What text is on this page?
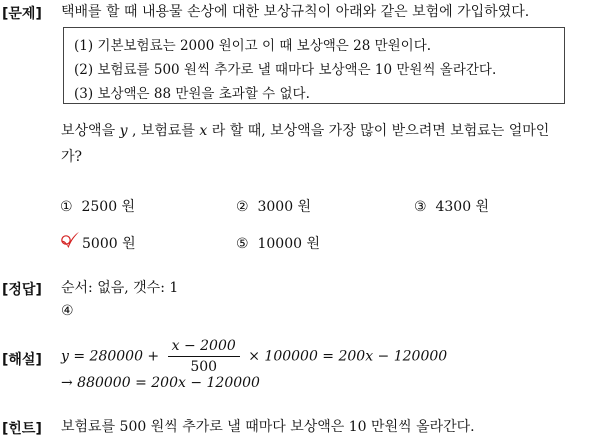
[문제] 택배를 할 때 내용물 손상에 대한 보상규칙이 아래와 같은 보험에 가입하였다.
(1) 기본보험료는 2000 원이고 이 때 보상액은 28 만원이다.
(2) 보험료를 500 원씩 추가로 낼 때마다 보상액은 10 만원씩 올라간다.
(3) 보상액은 88 만원을 초과할 수 없다.
보상액을 y , 보험료를 x 라 할 때, 보상액을 가장 많이 받으려면 보험료는 얼마인
가?
① 2500 원	② 3000 원	③ 4300 원
5000 원	⑤ 10000 원
[정답] 순서: 없음, 갯수: 1
④
[해설] $y = 280000 + \frac{x - 2000}{500} \times 100000 = 200x - 120000$
→ 880000 = 200x − 120000
[힌트] 보험료를 500 원씩 추가로 낼 때마다 보상액은 10 만원씩 올라간다.
